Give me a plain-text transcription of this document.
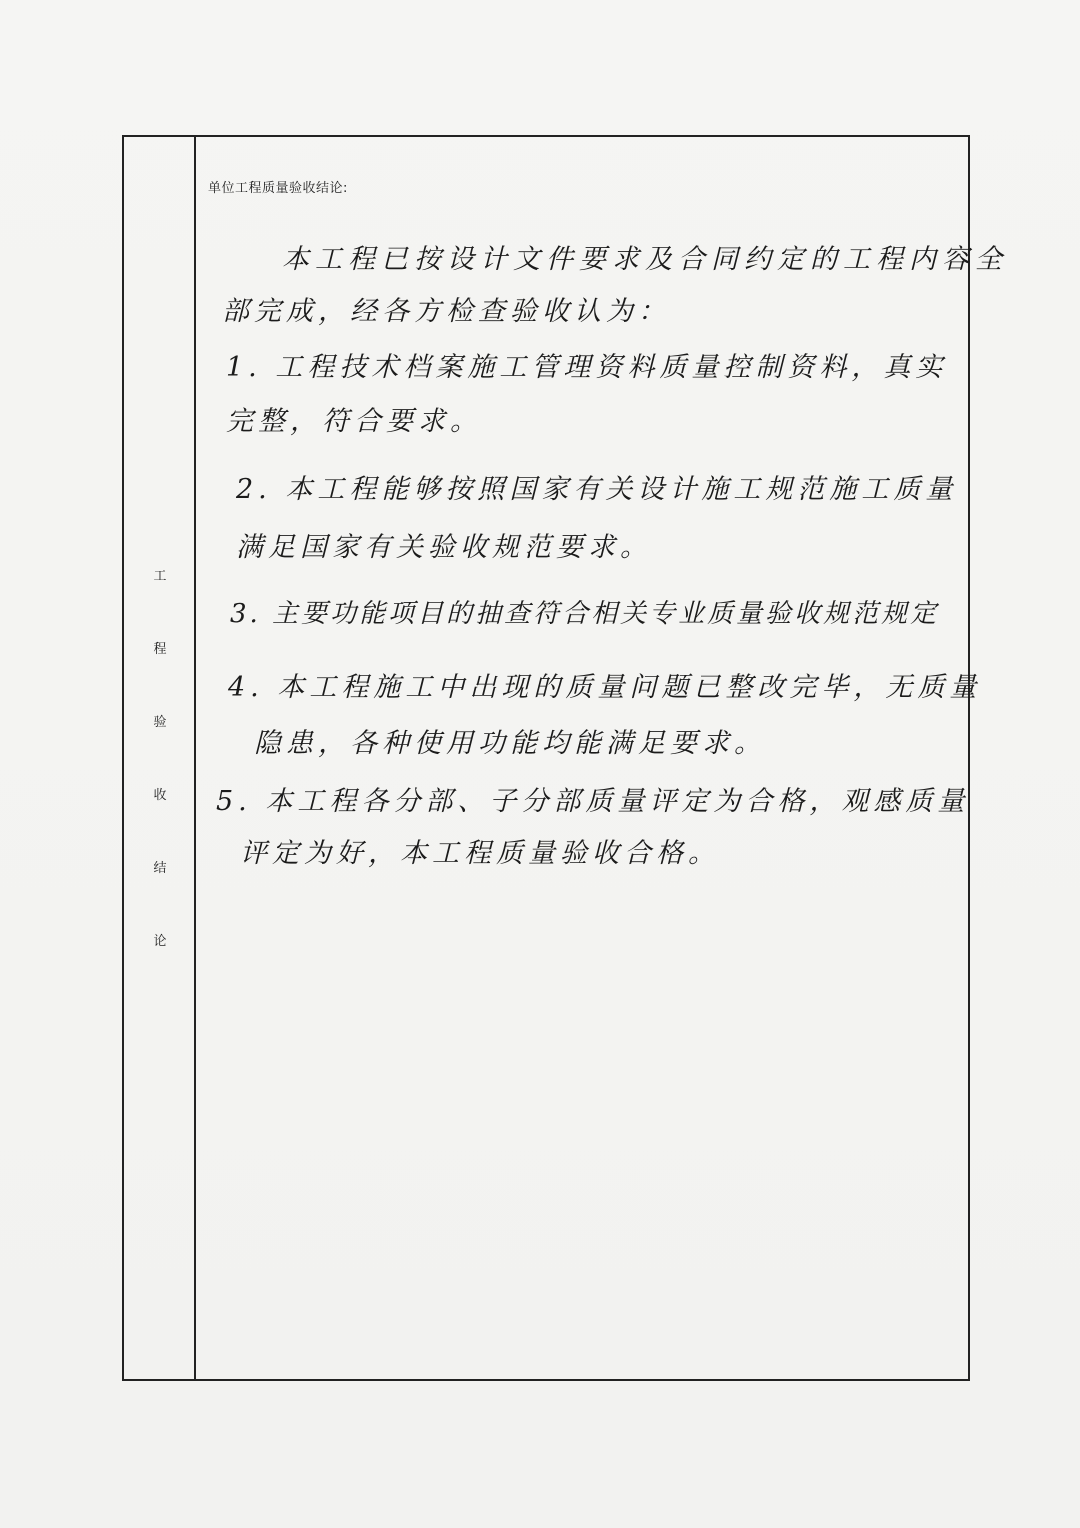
工
程
验
收
结
论
单位工程质量验收结论:
本工程已按设计文件要求及合同约定的工程内容全
部完成，经各方检查验收认为：
1. 工程技术档案施工管理资料质量控制资料，真实
完整，符合要求。
2. 本工程能够按照国家有关设计施工规范施工质量
满足国家有关验收规范要求。
3. 主要功能项目的抽查符合相关专业质量验收规范规定
4. 本工程施工中出现的质量问题已整改完毕，无质量
隐患，各种使用功能均能满足要求。
5. 本工程各分部、子分部质量评定为合格，观感质量
评定为好，本工程质量验收合格。
